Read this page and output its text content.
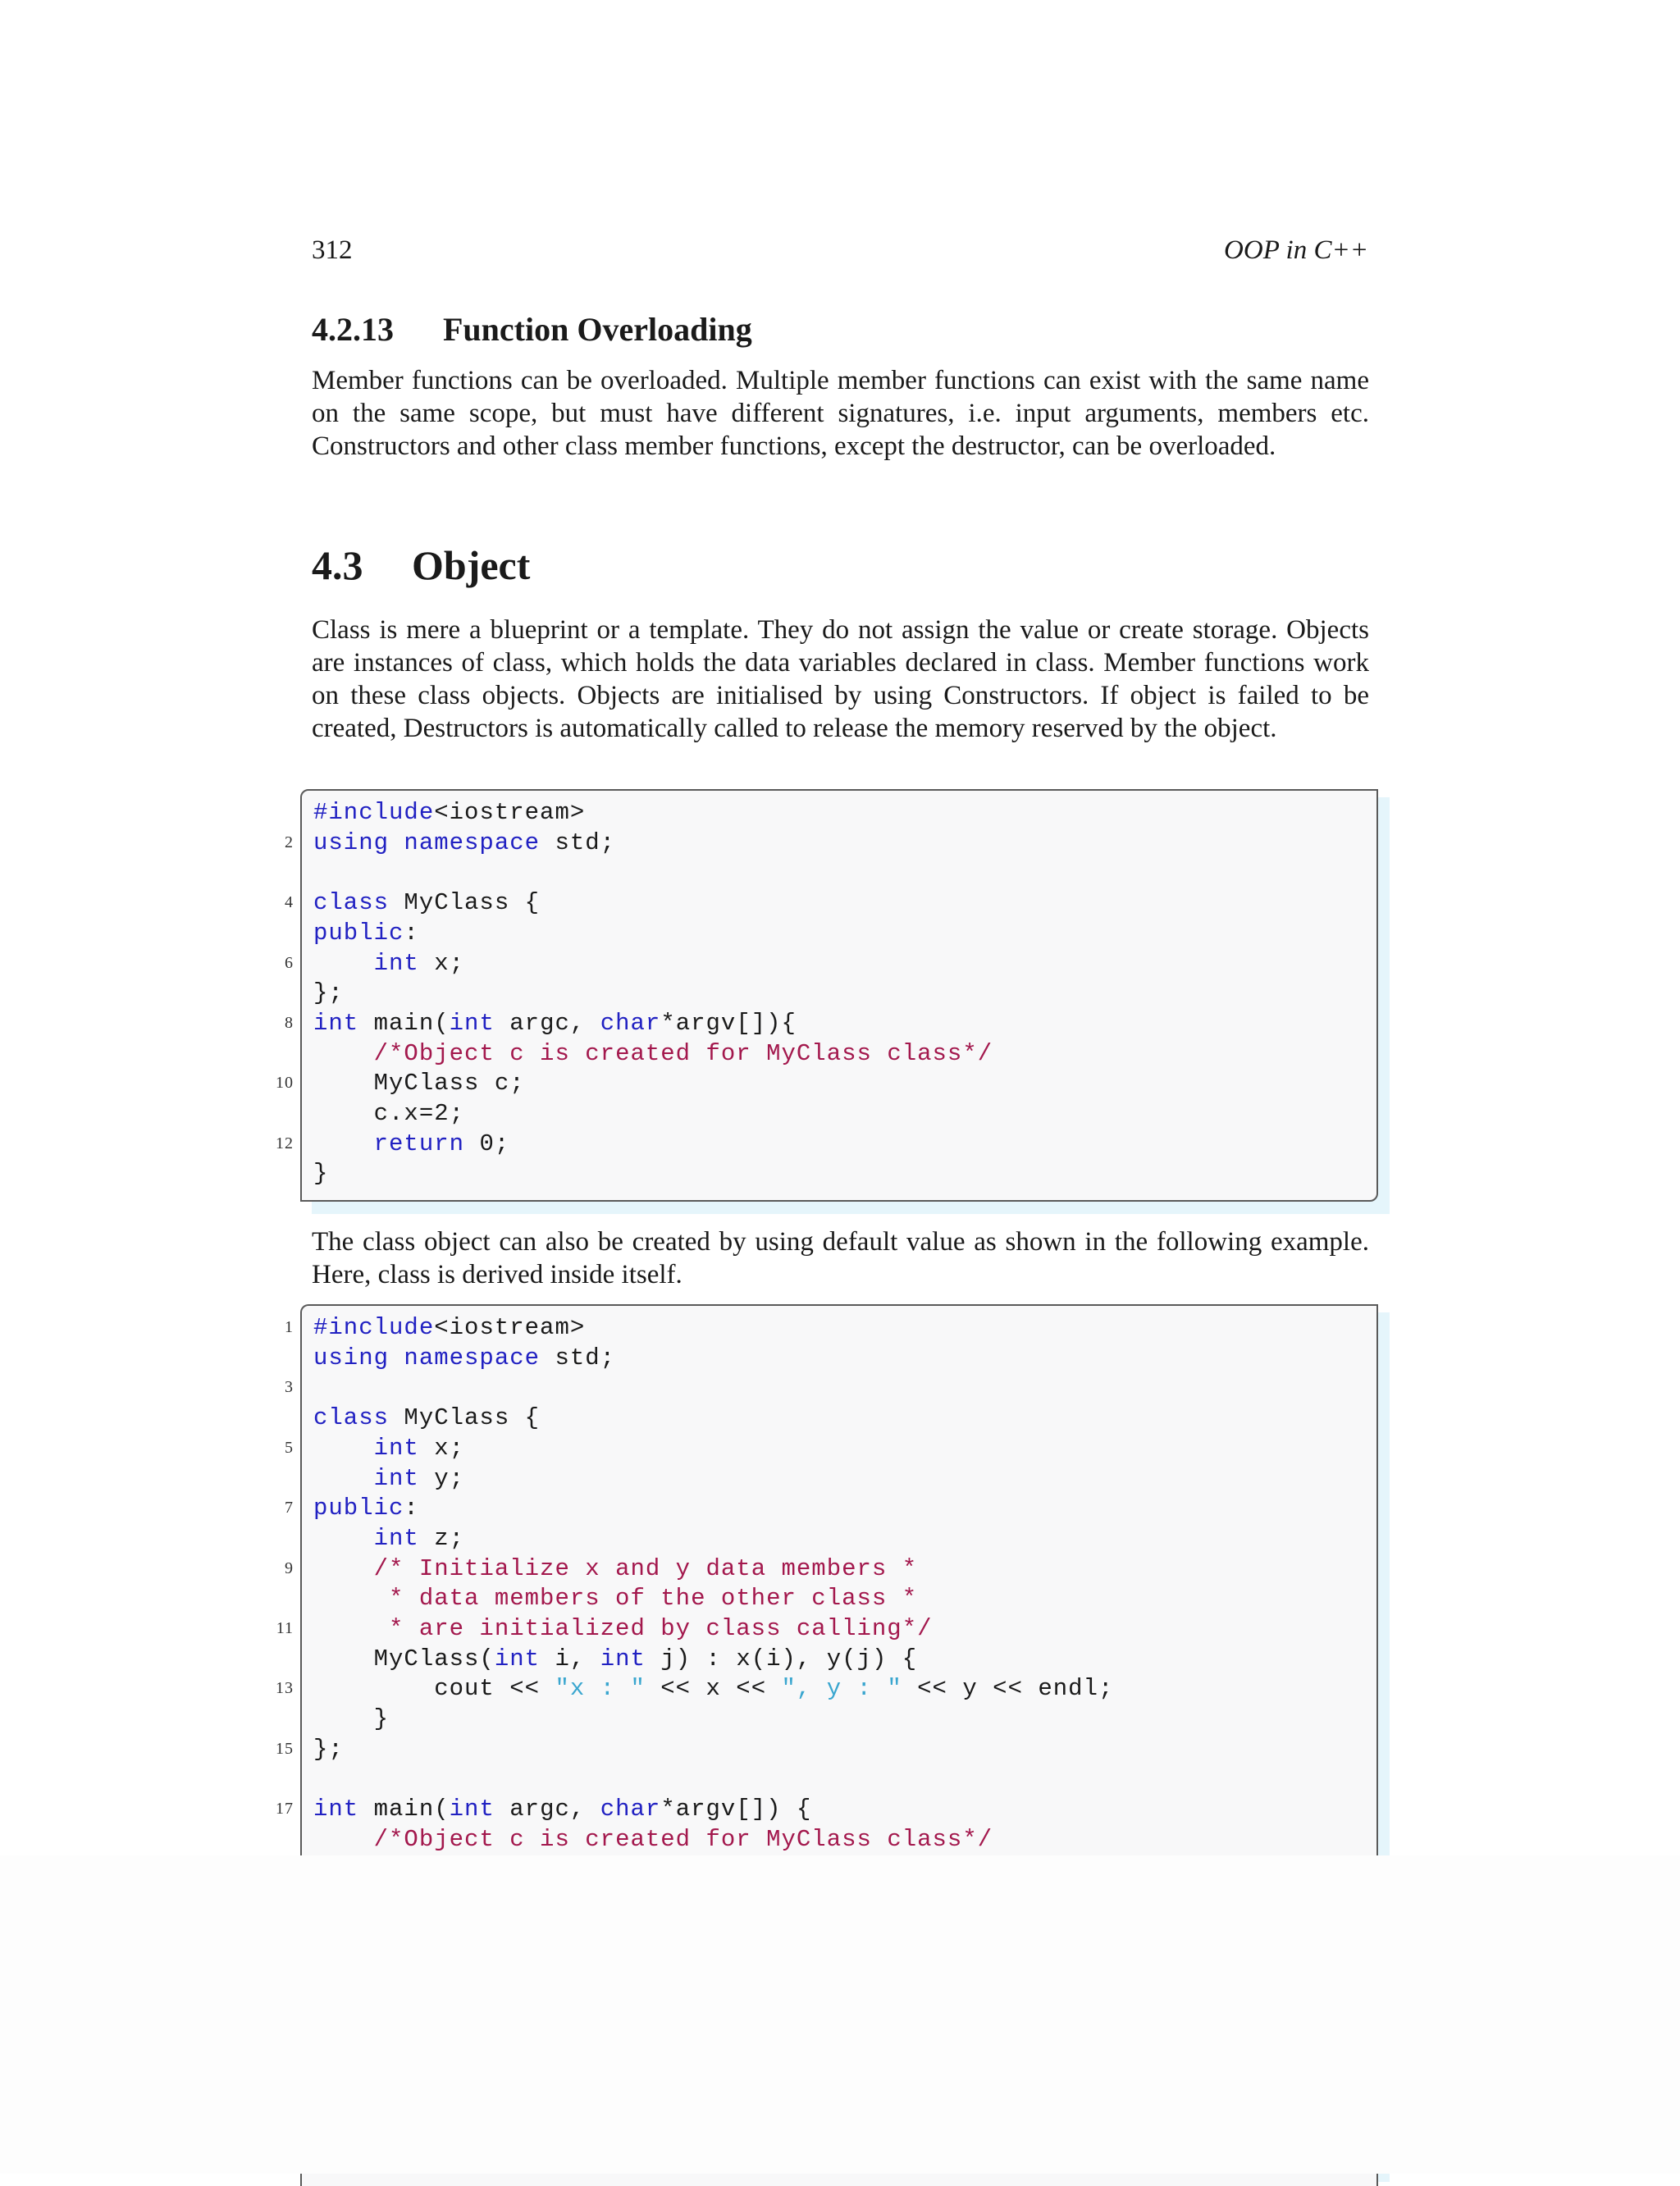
312	OOP in C++
4.2.13 Function Overloading
Member functions can be overloaded. Multiple member functions can exist with the same name on the same scope, but must have different signatures, i.e. input arguments, members etc. Constructors and other class member functions, except the destructor, can be overloaded.
4.3 Object
Class is mere a blueprint or a template. They do not assign the value or create storage. Objects are instances of class, which holds the data variables declared in class. Member functions work on these class objects. Objects are initialised by using Constructors. If object is failed to be created, Destructors is automatically called to release the memory reserved by the object.
#include<iostream>
2 using namespace std;
4 class MyClass {
public:
6	int x;
};
8 int main(int argc, char*argv[]){
/*Object c is created for MyClass class*/
10 MyClass c;
c.x=2;
12	return 0;
}
The class object can also be created by using default value as shown in the following example. Here, class is derived inside itself.
1 #include<iostream>
using namespace std;
3
class MyClass {
5	int x;
int y;
7 public:
int z;
9	/* Initialize x and y data members *
* data members of the other class *
11	* are initialized by class calling*/
MyClass(int i, int j) : x(i), y(j) {
13 cout << "x : " << x << ", y : " << y << endl;
}
15 };
17 int main(int argc, char*argv[]) {
/*Object c is created for MyClass class*/
